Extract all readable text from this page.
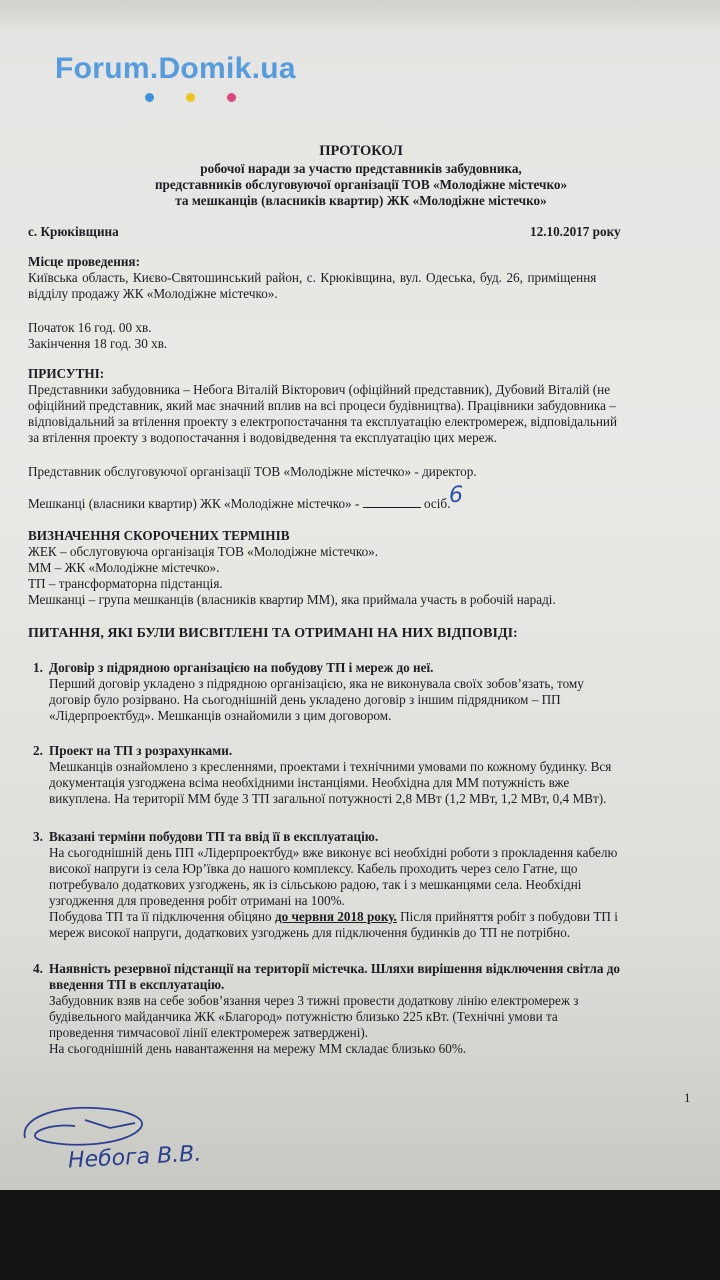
Forum.Domik.ua
ПРОТОКОЛ
робочої наради за участю представників забудовника,
представників обслуговуючої організації ТОВ «Молодіжне містечко»
та мешканців (власників квартир) ЖК «Молодіжне містечко»
с. Крюківщина	12.10.2017 року
Місце проведення:
Київська область, Києво-Святошинський район, с. Крюківщина, вул. Одеська, буд. 26, приміщення
відділу продажу ЖК «Молодіжне містечко».
Початок 16 год. 00 хв.
Закінчення 18 год. 30 хв.
ПРИСУТНІ:
Представники забудовника – Небога Віталій Вікторович (офіційний представник), Дубовий Віталій (не
офіційний представник, який має значний вплив на всі процеси будівництва). Працівники забудовника –
відповідальний за втілення проекту з електропостачання та експлуатацію електромереж, відповідальний
за втілення проекту з водопостачання і водовідведення та експлуатацію цих мереж.
Представник обслуговуючої організації ТОВ «Молодіжне містечко» - директор.
Мешканці (власники квартир) ЖК «Молодіжне містечко» -	осіб.
6
ВИЗНАЧЕННЯ СКОРОЧЕНИХ ТЕРМІНІВ
ЖЕК – обслуговуюча організація ТОВ «Молодіжне містечко».
ММ – ЖК «Молодіжне містечко».
ТП – трансформаторна підстанція.
Мешканці – група мешканців (власників квартир ММ), яка приймала участь в робочій нараді.
ПИТАННЯ, ЯКІ БУЛИ ВИСВІТЛЕНІ ТА ОТРИМАНІ НА НИХ ВІДПОВІДІ:
1. Договір з підрядною організацією на побудову ТП і мереж до неї.
Перший договір укладено з підрядною організацією, яка не виконувала своїх зобов’язать, тому
договір було розірвано. На сьогоднішній день укладено договір з іншим підрядником – ПП
«Лідерпроектбуд». Мешканців ознайомили з цим договором.
2. Проект на ТП з розрахунками.
Мешканців ознайомлено з кресленнями, проектами і технічними умовами по кожному будинку. Вся
документація узгоджена всіма необхідними інстанціями. Необхідна для ММ потужність вже
викуплена. На території ММ буде 3 ТП загальної потужності 2,8 МВт (1,2 МВт, 1,2 МВт, 0,4 МВт).
3. Вказані терміни побудови ТП та ввід її в експлуатацію.
На сьогоднішній день ПП «Лідерпроектбуд» вже виконує всі необхідні роботи з прокладення кабелю
високої напруги із села Юр’ївка до нашого комплексу. Кабель проходить через село Гатне, що
потребувало додаткових узгоджень, як із сільською радою, так і з мешканцями села. Необхідні
узгодження для проведення робіт отримані на 100%.
Побудова ТП та її підключення обіцяно до червня 2018 року. Після прийняття робіт з побудови ТП і
мереж високої напруги, додаткових узгоджень для підключення будинків до ТП не потрібно.
4. Наявність резервної підстанції на території містечка. Шляхи вирішення відключення світла до
введення ТП в експлуатацію.
Забудовник взяв на себе зобов’язання через 3 тижні провести додаткову лінію електромереж з
будівельного майданчика ЖК «Благород» потужністю близько 225 кВт. (Технічні умови та
проведення тимчасової лінії електромереж затверджені).
На сьогоднішній день навантаження на мережу ММ складає близько 60%.
1
Небога В.В.
